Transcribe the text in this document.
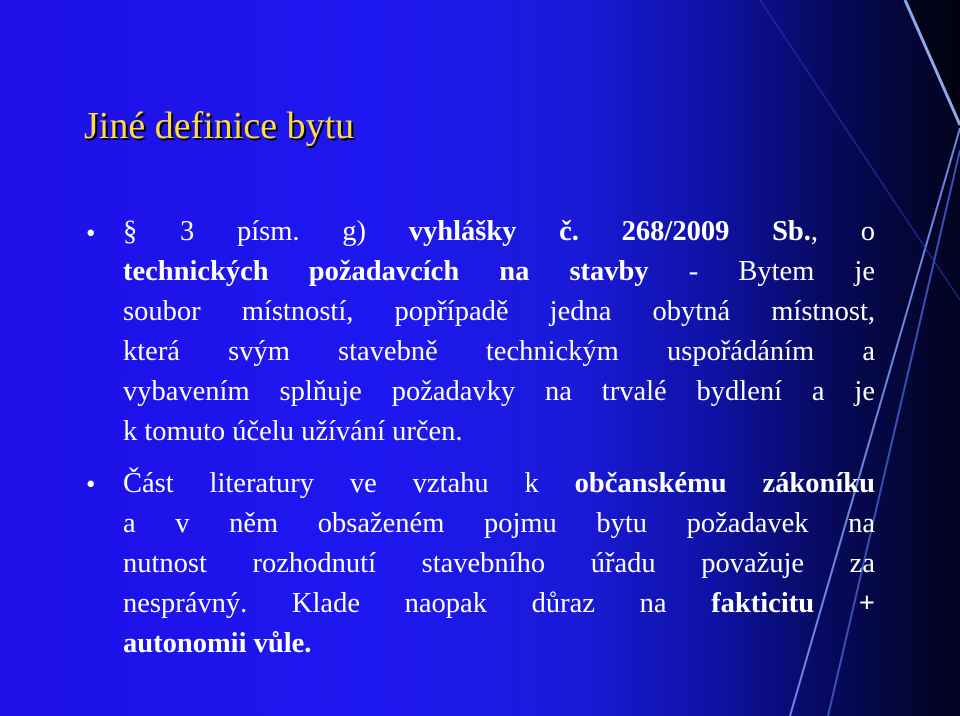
Jiné definice bytu
• § 3 písm. g) vyhlášky č. 268/2009 Sb., o
technických požadavcích na stavby - Bytem je
soubor místností, popřípadě jedna obytná místnost,
která svým stavebně technickým uspořádáním a
vybavením splňuje požadavky na trvalé bydlení a je
k tomuto účelu užívání určen.
• Část literatury ve vztahu k občanskému zákoníku
a v něm obsaženém pojmu bytu požadavek na
nutnost rozhodnutí stavebního úřadu považuje za
nesprávný. Klade naopak důraz na fakticitu +
autonomii vůle.
